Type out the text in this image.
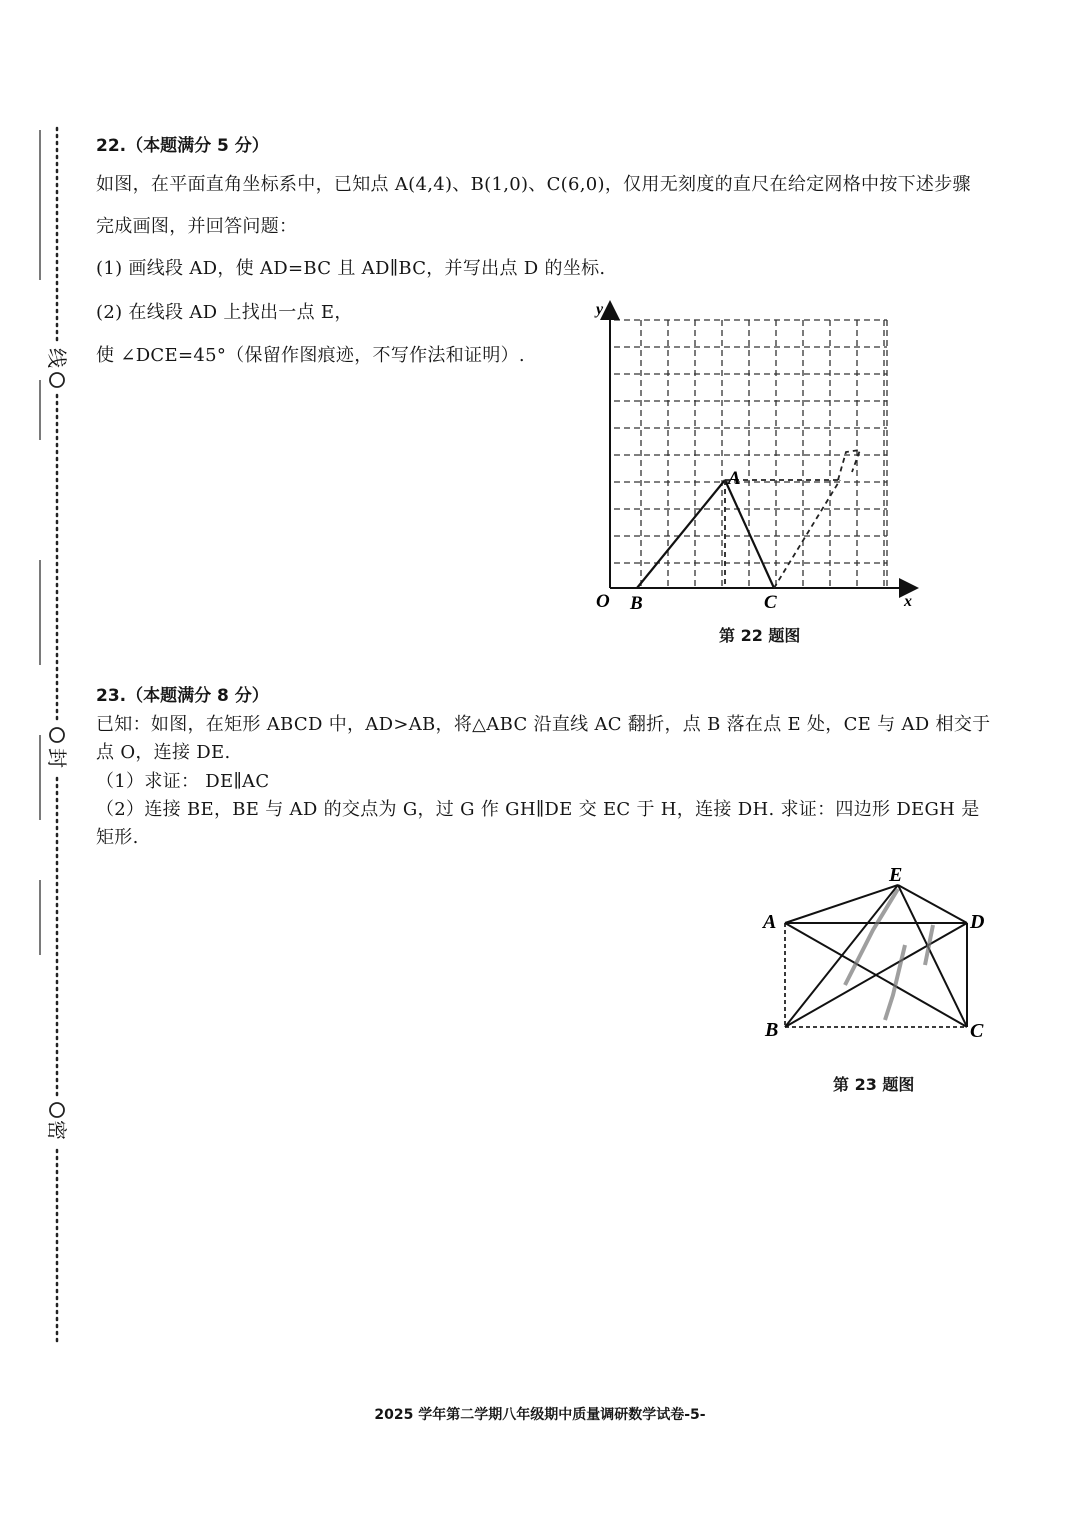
线
封
密
22.（本题满分 5 分）
如图，在平面直角坐标系中，已知点 A(4,4)、B(1,0)、C(6,0)，仅用无刻度的直尺在给定网格中按下述步骤
完成画图，并回答问题：
(1) 画线段 AD，使 AD=BC 且 AD∥BC，并写出点 D 的坐标.
(2) 在线段 AD 上找出一点 E，
使 ∠DCE=45°（保留作图痕迹，不写作法和证明）.
A
B	C
O
y
x
第 22 题图
23.（本题满分 8 分）
已知：如图，在矩形 ABCD 中，AD>AB，将△ABC 沿直线 AC 翻折，点 B 落在点 E 处，CE 与 AD 相交于
点 O，连接 DE.
（1）求证： DE∥AC
（2）连接 BE，BE 与 AD 的交点为 G，过 G 作 GH∥DE 交 EC 于 H，连接 DH. 求证：四边形 DEGH 是
矩形.
E
A	D
B	C
第 23 题图
2025 学年第二学期八年级期中质量调研数学试卷-5-
